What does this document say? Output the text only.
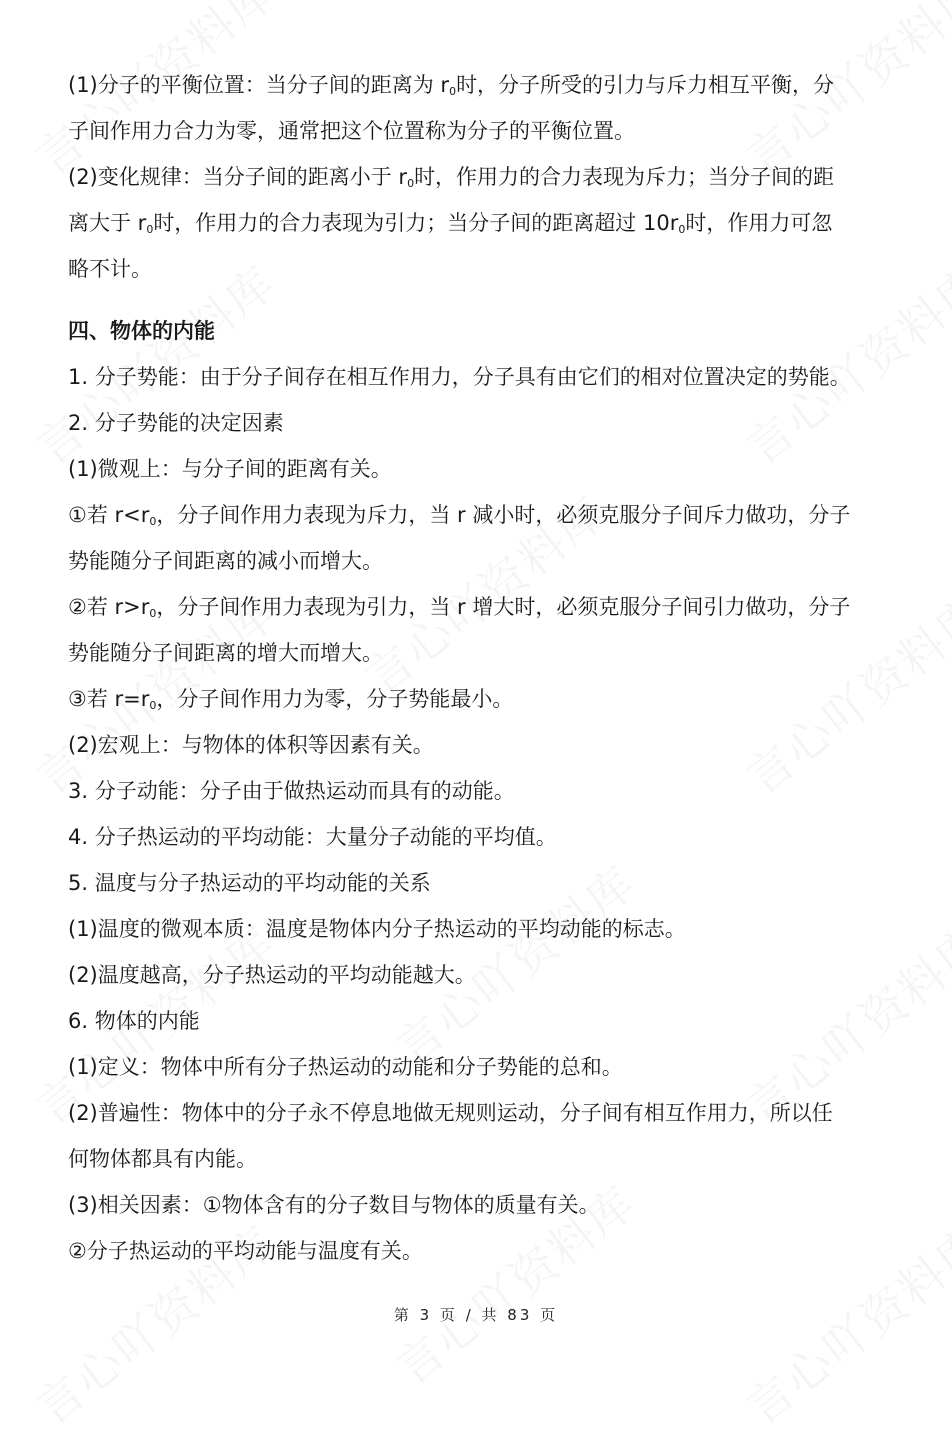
(1)分子的平衡位置：当分子间的距离为 $r_0$时，分子所受的引力与斥力相互平衡，分
子间作用力合力为零，通常把这个位置称为分子的平衡位置。
(2)变化规律：当分子间的距离小于 $r_0$时，作用力的合力表现为斥力；当分子间的距
离大于 $r_0$时，作用力的合力表现为引力；当分子间的距离超过 $10r_0$时，作用力可忽
略不计。
四、物体的内能
1. 分子势能：由于分子间存在相互作用力，分子具有由它们的相对位置决定的势能。
2. 分子势能的决定因素
(1)微观上：与分子间的距离有关。
①若 $r<r_0$，分子间作用力表现为斥力，当 r 减小时，必须克服分子间斥力做功，分子
势能随分子间距离的减小而增大。
②若 $r>r_0$，分子间作用力表现为引力，当 r 增大时，必须克服分子间引力做功，分子
势能随分子间距离的增大而增大。
③若 $r=r_0$，分子间作用力为零，分子势能最小。
(2)宏观上：与物体的体积等因素有关。
3. 分子动能：分子由于做热运动而具有的动能。
4. 分子热运动的平均动能：大量分子动能的平均值。
5. 温度与分子热运动的平均动能的关系
(1)温度的微观本质：温度是物体内分子热运动的平均动能的标志。
(2)温度越高，分子热运动的平均动能越大。
6. 物体的内能
(1)定义：物体中所有分子热运动的动能和分子势能的总和。
(2)普遍性：物体中的分子永不停息地做无规则运动，分子间有相互作用力，所以任
何物体都具有内能。
(3)相关因素：①物体含有的分子数目与物体的质量有关。
②分子热运动的平均动能与温度有关。
第 3 页 / 共 83 页
